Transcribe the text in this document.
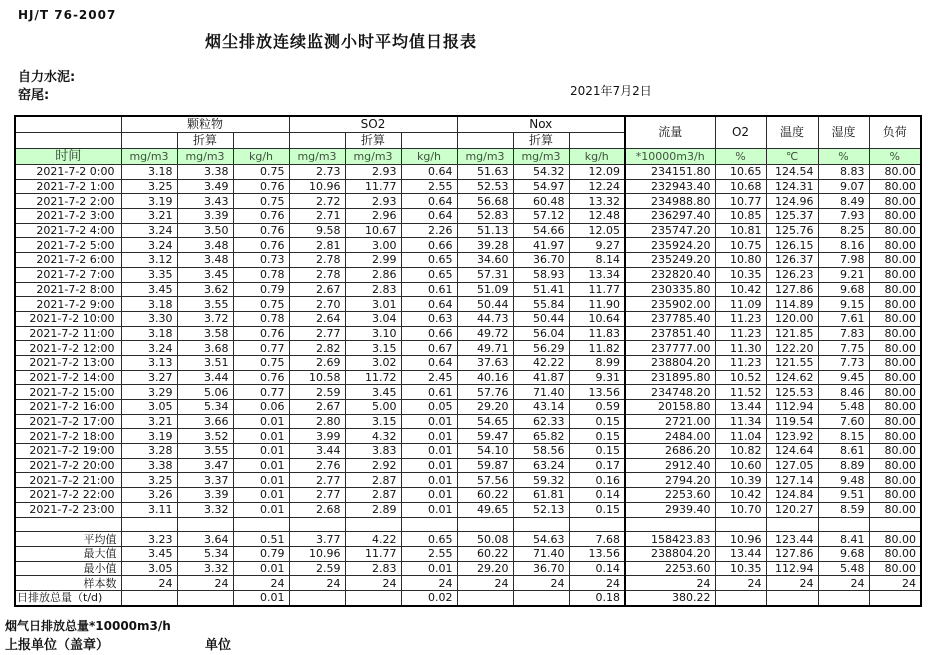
HJ/T 76-2007
烟尘排放连续监测小时平均值日报表
自力水泥:
窑尾:	2021年7月2日
	颗粒物			SO2			Nox			流量	O2	温度	湿度	负荷
		折算			折算			折算						
时间	mg/m3	mg/m3	kg/h	mg/m3	mg/m3	kg/h	mg/m3	mg/m3	kg/h	*10000m3/h	%	℃	%	%
2021-7-2 0:00	3.18	3.38	0.75	2.73	2.93	0.64	51.63	54.32	12.09	234151.80	10.65	124.54	8.83	80.00
2021-7-2 1:00	3.25	3.49	0.76	10.96	11.77	2.55	52.53	54.97	12.24	232943.40	10.68	124.31	9.07	80.00
2021-7-2 2:00	3.19	3.43	0.75	2.72	2.93	0.64	56.68	60.48	13.32	234988.80	10.77	124.96	8.49	80.00
2021-7-2 3:00	3.21	3.39	0.76	2.71	2.96	0.64	52.83	57.12	12.48	236297.40	10.85	125.37	7.93	80.00
2021-7-2 4:00	3.24	3.50	0.76	9.58	10.67	2.26	51.13	54.66	12.05	235747.20	10.81	125.76	8.25	80.00
2021-7-2 5:00	3.24	3.48	0.76	2.81	3.00	0.66	39.28	41.97	9.27	235924.20	10.75	126.15	8.16	80.00
2021-7-2 6:00	3.12	3.48	0.73	2.78	2.99	0.65	34.60	36.70	8.14	235249.20	10.80	126.37	7.98	80.00
2021-7-2 7:00	3.35	3.45	0.78	2.78	2.86	0.65	57.31	58.93	13.34	232820.40	10.35	126.23	9.21	80.00
2021-7-2 8:00	3.45	3.62	0.79	2.67	2.83	0.61	51.09	51.41	11.77	230335.80	10.42	127.86	9.68	80.00
2021-7-2 9:00	3.18	3.55	0.75	2.70	3.01	0.64	50.44	55.84	11.90	235902.00	11.09	114.89	9.15	80.00
2021-7-2 10:00	3.30	3.72	0.78	2.64	3.04	0.63	44.73	50.44	10.64	237785.40	11.23	120.00	7.61	80.00
2021-7-2 11:00	3.18	3.58	0.76	2.77	3.10	0.66	49.72	56.04	11.83	237851.40	11.23	121.85	7.83	80.00
2021-7-2 12:00	3.24	3.68	0.77	2.82	3.15	0.67	49.71	56.29	11.82	237777.00	11.30	122.20	7.75	80.00
2021-7-2 13:00	3.13	3.51	0.75	2.69	3.02	0.64	37.63	42.22	8.99	238804.20	11.23	121.55	7.73	80.00
2021-7-2 14:00	3.27	3.44	0.76	10.58	11.72	2.45	40.16	41.87	9.31	231895.80	10.52	124.62	9.45	80.00
2021-7-2 15:00	3.29	5.06	0.77	2.59	3.45	0.61	57.76	71.40	13.56	234748.20	11.52	125.53	8.46	80.00
2021-7-2 16:00	3.05	5.34	0.06	2.67	5.00	0.05	29.20	43.14	0.59	20158.80	13.44	112.94	5.48	80.00
2021-7-2 17:00	3.21	3.66	0.01	2.80	3.15	0.01	54.65	62.33	0.15	2721.00	11.34	119.54	7.60	80.00
2021-7-2 18:00	3.19	3.52	0.01	3.99	4.32	0.01	59.47	65.82	0.15	2484.00	11.04	123.92	8.15	80.00
2021-7-2 19:00	3.28	3.55	0.01	3.44	3.83	0.01	54.10	58.56	0.15	2686.20	10.82	124.64	8.61	80.00
2021-7-2 20:00	3.38	3.47	0.01	2.76	2.92	0.01	59.87	63.24	0.17	2912.40	10.60	127.05	8.89	80.00
2021-7-2 21:00	3.25	3.37	0.01	2.77	2.87	0.01	57.56	59.32	0.16	2794.20	10.39	127.14	9.48	80.00
2021-7-2 22:00	3.26	3.39	0.01	2.77	2.87	0.01	60.22	61.81	0.14	2253.60	10.42	124.84	9.51	80.00
2021-7-2 23:00	3.11	3.32	0.01	2.68	2.89	0.01	49.65	52.13	0.15	2939.40	10.70	120.27	8.59	80.00

平均值	3.23	3.64	0.51	3.77	4.22	0.65	50.08	54.63	7.68	158423.83	10.96	123.44	8.41	80.00
最大值	3.45	5.34	0.79	10.96	11.77	2.55	60.22	71.40	13.56	238804.20	13.44	127.86	9.68	80.00
最小值	3.05	3.32	0.01	2.59	2.83	0.01	29.20	36.70	0.14	2253.60	10.35	112.94	5.48	80.00
样本数	24	24	24	24	24	24	24	24	24	24	24	24	24	24
日排放总量（t/d)			0.01			0.02			0.18	380.22				
烟气日排放总量*10000m3/h
上报单位（盖章）	单位
